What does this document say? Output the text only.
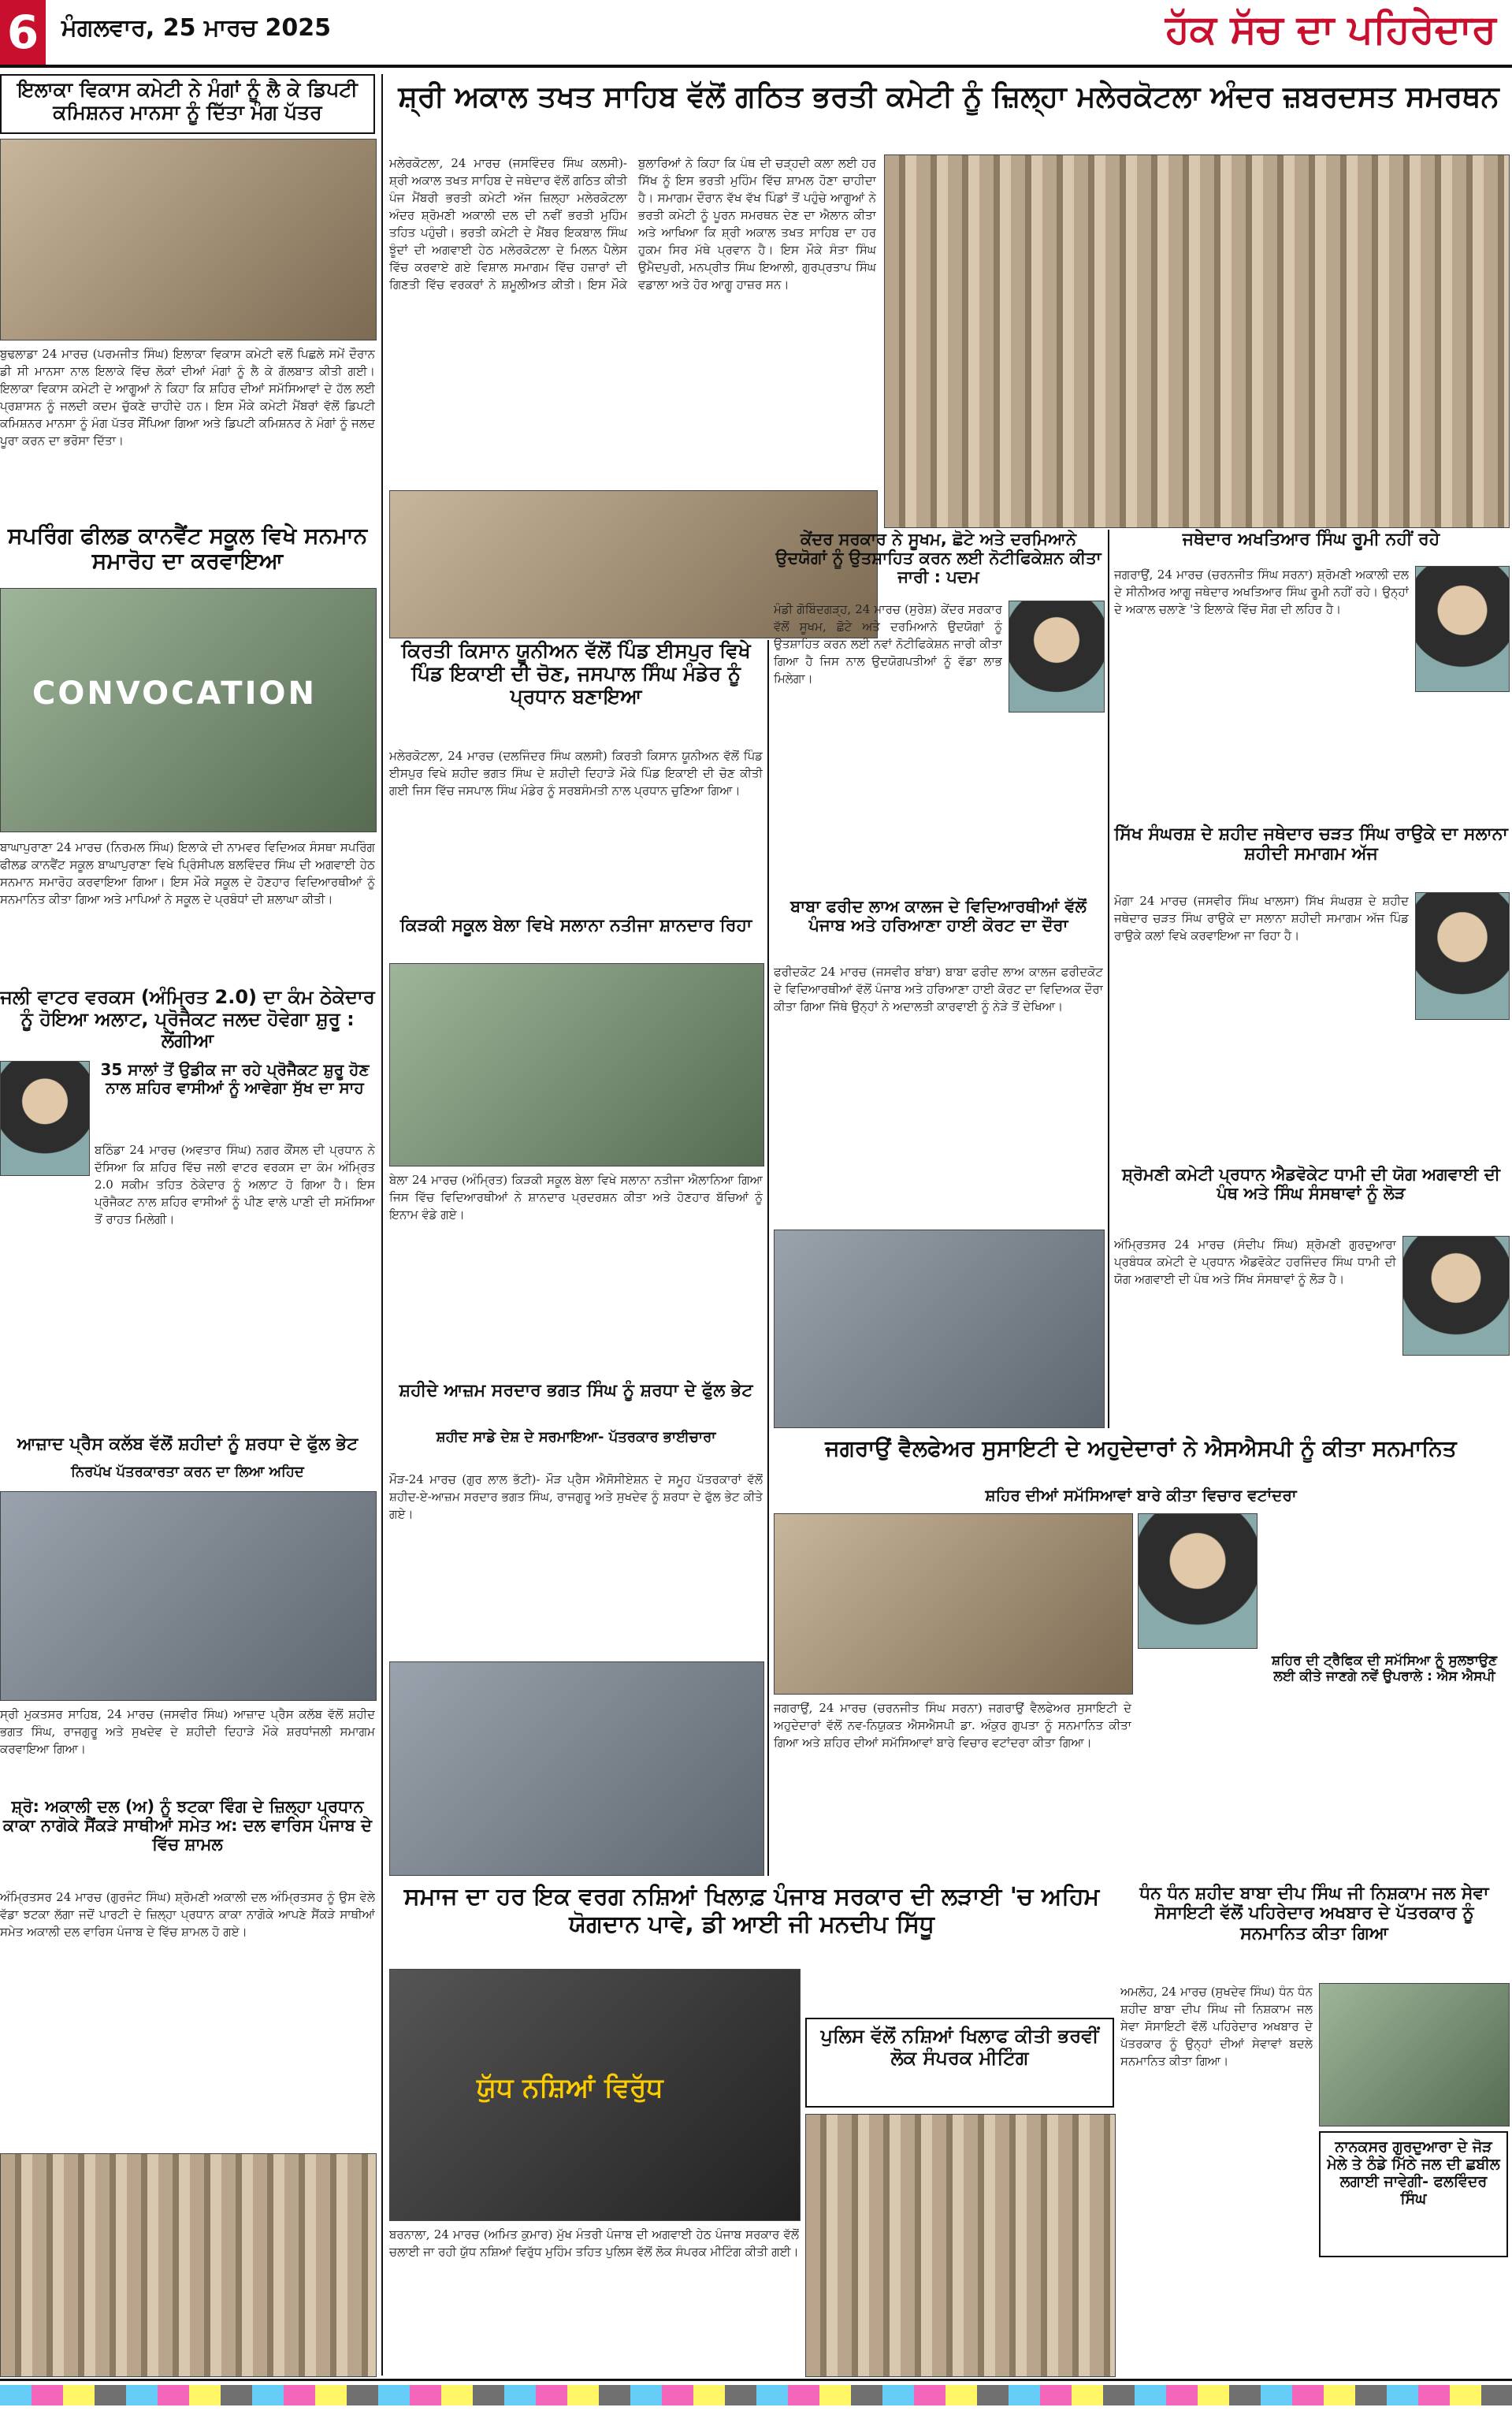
6 ਮੰਗਲਵਾਰ, 25 ਮਾਰਚ 2025	ਹੱਕ ਸੱਚ ਦਾ ਪਹਿਰੇਦਾਰ
ਇਲਾਕਾ ਵਿਕਾਸ ਕਮੇਟੀ ਨੇ ਮੰਗਾਂ ਨੂੰ ਲੈ ਕੇ ਡਿਪਟੀ ਕਮਿਸ਼ਨਰ ਮਾਨਸਾ ਨੂੰ ਦਿੱਤਾ ਮੰਗ ਪੱਤਰ
ਬੁਢਲਾਡਾ 24 ਮਾਰਚ (ਪਰਮਜੀਤ ਸਿੰਘ) ਇਲਾਕਾ ਵਿਕਾਸ ਕਮੇਟੀ ਵਲੋਂ ਪਿਛਲੇ ਸਮੇਂ ਦੌਰਾਨ ਡੀ ਸੀ ਮਾਨਸਾ ਨਾਲ ਇਲਾਕੇ ਵਿੱਚ ਲੋਕਾਂ ਦੀਆਂ ਮੰਗਾਂ ਨੂੰ ਲੈ ਕੇ ਗੱਲਬਾਤ ਕੀਤੀ ਗਈ। ਇਲਾਕਾ ਵਿਕਾਸ ਕਮੇਟੀ ਦੇ ਆਗੂਆਂ ਨੇ ਕਿਹਾ ਕਿ ਸ਼ਹਿਰ ਦੀਆਂ ਸਮੱਸਿਆਵਾਂ ਦੇ ਹੱਲ ਲਈ ਪ੍ਰਸ਼ਾਸਨ ਨੂੰ ਜਲਦੀ ਕਦਮ ਚੁੱਕਣੇ ਚਾਹੀਦੇ ਹਨ। ਇਸ ਮੌਕੇ ਕਮੇਟੀ ਮੈਂਬਰਾਂ ਵੱਲੋਂ ਡਿਪਟੀ ਕਮਿਸ਼ਨਰ ਮਾਨਸਾ ਨੂੰ ਮੰਗ ਪੱਤਰ ਸੌਂਪਿਆ ਗਿਆ ਅਤੇ ਡਿਪਟੀ ਕਮਿਸ਼ਨਰ ਨੇ ਮੰਗਾਂ ਨੂੰ ਜਲਦ ਪੂਰਾ ਕਰਨ ਦਾ ਭਰੋਸਾ ਦਿੱਤਾ।
ਸਪਰਿੰਗ ਫੀਲਡ ਕਾਨਵੈਂਟ ਸਕੂਲ ਵਿਖੇ ਸਨਮਾਨ ਸਮਾਰੋਹ ਦਾ ਕਰਵਾਇਆ
CONVOCATION
ਬਾਘਾਪੁਰਾਣਾ 24 ਮਾਰਚ (ਨਿਰਮਲ ਸਿੰਘ) ਇਲਾਕੇ ਦੀ ਨਾਮਵਰ ਵਿਦਿਅਕ ਸੰਸਥਾ ਸਪਰਿੰਗ ਫੀਲਡ ਕਾਨਵੈਂਟ ਸਕੂਲ ਬਾਘਾਪੁਰਾਣਾ ਵਿਖੇ ਪ੍ਰਿੰਸੀਪਲ ਬਲਵਿੰਦਰ ਸਿੰਘ ਦੀ ਅਗਵਾਈ ਹੇਠ ਸਨਮਾਨ ਸਮਾਰੋਹ ਕਰਵਾਇਆ ਗਿਆ। ਇਸ ਮੌਕੇ ਸਕੂਲ ਦੇ ਹੋਣਹਾਰ ਵਿਦਿਆਰਥੀਆਂ ਨੂੰ ਸਨਮਾਨਿਤ ਕੀਤਾ ਗਿਆ ਅਤੇ ਮਾਪਿਆਂ ਨੇ ਸਕੂਲ ਦੇ ਪ੍ਰਬੰਧਾਂ ਦੀ ਸ਼ਲਾਘਾ ਕੀਤੀ।
ਜਲੀ ਵਾਟਰ ਵਰਕਸ (ਅੰਮ੍ਰਿਤ 2.0) ਦਾ ਕੰਮ ਠੇਕੇਦਾਰ ਨੂੰ ਹੋਇਆ ਅਲਾਟ, ਪ੍ਰੋਜੈਕਟ ਜਲਦ ਹੋਵੇਗਾ ਸ਼ੁਰੂ : ਲੋਂਗੀਆ
35 ਸਾਲਾਂ ਤੋਂ ਉਡੀਕ ਜਾ ਰਹੇ ਪ੍ਰੋਜੈਕਟ ਸ਼ੁਰੂ ਹੋਣ ਨਾਲ ਸ਼ਹਿਰ ਵਾਸੀਆਂ ਨੂੰ ਆਵੇਗਾ ਸੁੱਖ ਦਾ ਸਾਹ
ਬਠਿੰਡਾ 24 ਮਾਰਚ (ਅਵਤਾਰ ਸਿੰਘ) ਨਗਰ ਕੌਂਸਲ ਦੀ ਪ੍ਰਧਾਨ ਨੇ ਦੱਸਿਆ ਕਿ ਸ਼ਹਿਰ ਵਿੱਚ ਜਲੀ ਵਾਟਰ ਵਰਕਸ ਦਾ ਕੰਮ ਅੰਮ੍ਰਿਤ 2.0 ਸਕੀਮ ਤਹਿਤ ਠੇਕੇਦਾਰ ਨੂੰ ਅਲਾਟ ਹੋ ਗਿਆ ਹੈ। ਇਸ ਪ੍ਰੋਜੈਕਟ ਨਾਲ ਸ਼ਹਿਰ ਵਾਸੀਆਂ ਨੂੰ ਪੀਣ ਵਾਲੇ ਪਾਣੀ ਦੀ ਸਮੱਸਿਆ ਤੋਂ ਰਾਹਤ ਮਿਲੇਗੀ।
ਆਜ਼ਾਦ ਪ੍ਰੈਸ ਕਲੱਬ ਵੱਲੋਂ ਸ਼ਹੀਦਾਂ ਨੂੰ ਸ਼ਰਧਾ ਦੇ ਫੁੱਲ ਭੇਟ
ਨਿਰਪੱਖ ਪੱਤਰਕਾਰਤਾ ਕਰਨ ਦਾ ਲਿਆ ਅਹਿਦ
ਸ੍ਰੀ ਮੁਕਤਸਰ ਸਾਹਿਬ, 24 ਮਾਰਚ (ਜਸਵੀਰ ਸਿੰਘ) ਆਜ਼ਾਦ ਪ੍ਰੈਸ ਕਲੱਬ ਵੱਲੋਂ ਸ਼ਹੀਦ ਭਗਤ ਸਿੰਘ, ਰਾਜਗੁਰੂ ਅਤੇ ਸੁਖਦੇਵ ਦੇ ਸ਼ਹੀਦੀ ਦਿਹਾੜੇ ਮੌਕੇ ਸ਼ਰਧਾਂਜਲੀ ਸਮਾਗਮ ਕਰਵਾਇਆ ਗਿਆ।
ਸ਼੍ਰੋ: ਅਕਾਲੀ ਦਲ (ਅ) ਨੂੰ ਝਟਕਾ ਵਿੰਗ ਦੇ ਜ਼ਿਲ੍ਹਾ ਪ੍ਰਧਾਨ ਕਾਕਾ ਨਾਗੋਕੇ ਸੈਂਕੜੇ ਸਾਥੀਆਂ ਸਮੇਤ ਅ: ਦਲ ਵਾਰਿਸ ਪੰਜਾਬ ਦੇ ਵਿੱਚ ਸ਼ਾਮਲ
ਅੰਮ੍ਰਿਤਸਰ 24 ਮਾਰਚ (ਗੁਰਜੰਟ ਸਿੰਘ) ਸ਼੍ਰੋਮਣੀ ਅਕਾਲੀ ਦਲ ਅੰਮ੍ਰਿਤਸਰ ਨੂੰ ਉਸ ਵੇਲੇ ਵੱਡਾ ਝਟਕਾ ਲੱਗਾ ਜਦੋਂ ਪਾਰਟੀ ਦੇ ਜ਼ਿਲ੍ਹਾ ਪ੍ਰਧਾਨ ਕਾਕਾ ਨਾਗੋਕੇ ਆਪਣੇ ਸੈਂਕੜੇ ਸਾਥੀਆਂ ਸਮੇਤ ਅਕਾਲੀ ਦਲ ਵਾਰਿਸ ਪੰਜਾਬ ਦੇ ਵਿੱਚ ਸ਼ਾਮਲ ਹੋ ਗਏ।
ਸ਼੍ਰੀ ਅਕਾਲ ਤਖਤ ਸਾਹਿਬ ਵੱਲੋਂ ਗਠਿਤ ਭਰਤੀ ਕਮੇਟੀ ਨੂੰ ਜ਼ਿਲ੍ਹਾ ਮਲੇਰਕੋਟਲਾ ਅੰਦਰ ਜ਼ਬਰਦਸਤ ਸਮਰਥਨ
ਮਲੇਰਕੋਟਲਾ, 24 ਮਾਰਚ (ਜਸਵਿੰਦਰ ਸਿੰਘ ਕਲਸੀ)- ਸ਼੍ਰੀ ਅਕਾਲ ਤਖਤ ਸਾਹਿਬ ਦੇ ਜਥੇਦਾਰ ਵੱਲੋਂ ਗਠਿਤ ਕੀਤੀ ਪੰਜ ਮੈਂਬਰੀ ਭਰਤੀ ਕਮੇਟੀ ਅੱਜ ਜ਼ਿਲ੍ਹਾ ਮਲੇਰਕੋਟਲਾ ਅੰਦਰ ਸ਼੍ਰੋਮਣੀ ਅਕਾਲੀ ਦਲ ਦੀ ਨਵੀਂ ਭਰਤੀ ਮੁਹਿੰਮ ਤਹਿਤ ਪਹੁੰਚੀ। ਭਰਤੀ ਕਮੇਟੀ ਦੇ ਮੈਂਬਰ ਇਕਬਾਲ ਸਿੰਘ ਝੂੰਦਾਂ ਦੀ ਅਗਵਾਈ ਹੇਠ ਮਲੇਰਕੋਟਲਾ ਦੇ ਮਿਲਨ ਪੈਲੇਸ ਵਿੱਚ ਕਰਵਾਏ ਗਏ ਵਿਸ਼ਾਲ ਸਮਾਗਮ ਵਿੱਚ ਹਜ਼ਾਰਾਂ ਦੀ ਗਿਣਤੀ ਵਿੱਚ ਵਰਕਰਾਂ ਨੇ ਸ਼ਮੂਲੀਅਤ ਕੀਤੀ। ਇਸ ਮੌਕੇ ਬੁਲਾਰਿਆਂ ਨੇ ਕਿਹਾ ਕਿ ਪੰਥ ਦੀ ਚੜ੍ਹਦੀ ਕਲਾ ਲਈ ਹਰ ਸਿੱਖ ਨੂੰ ਇਸ ਭਰਤੀ ਮੁਹਿੰਮ ਵਿੱਚ ਸ਼ਾਮਲ ਹੋਣਾ ਚਾਹੀਦਾ ਹੈ। ਸਮਾਗਮ ਦੌਰਾਨ ਵੱਖ ਵੱਖ ਪਿੰਡਾਂ ਤੋਂ ਪਹੁੰਚੇ ਆਗੂਆਂ ਨੇ ਭਰਤੀ ਕਮੇਟੀ ਨੂੰ ਪੂਰਨ ਸਮਰਥਨ ਦੇਣ ਦਾ ਐਲਾਨ ਕੀਤਾ ਅਤੇ ਆਖਿਆ ਕਿ ਸ਼੍ਰੀ ਅਕਾਲ ਤਖਤ ਸਾਹਿਬ ਦਾ ਹਰ ਹੁਕਮ ਸਿਰ ਮੱਥੇ ਪ੍ਰਵਾਨ ਹੈ। ਇਸ ਮੌਕੇ ਸੰਤਾ ਸਿੰਘ ਉਮੈਦਪੁਰੀ, ਮਨਪ੍ਰੀਤ ਸਿੰਘ ਇਆਲੀ, ਗੁਰਪ੍ਰਤਾਪ ਸਿੰਘ ਵਡਾਲਾ ਅਤੇ ਹੋਰ ਆਗੂ ਹਾਜ਼ਰ ਸਨ।
ਕਿਰਤੀ ਕਿਸਾਨ ਯੂਨੀਅਨ ਵੱਲੋਂ ਪਿੰਡ ਈਸਪੁਰ ਵਿਖੇ ਪਿੰਡ ਇਕਾਈ ਦੀ ਚੋਣ, ਜਸਪਾਲ ਸਿੰਘ ਮੰਡੇਰ ਨੂੰ ਪ੍ਰਧਾਨ ਬਣਾਇਆ
ਮਲੇਰਕੋਟਲਾ, 24 ਮਾਰਚ (ਦਲਜਿੰਦਰ ਸਿੰਘ ਕਲਸੀ) ਕਿਰਤੀ ਕਿਸਾਨ ਯੂਨੀਅਨ ਵੱਲੋਂ ਪਿੰਡ ਈਸਪੁਰ ਵਿਖੇ ਸ਼ਹੀਦ ਭਗਤ ਸਿੰਘ ਦੇ ਸ਼ਹੀਦੀ ਦਿਹਾੜੇ ਮੌਕੇ ਪਿੰਡ ਇਕਾਈ ਦੀ ਚੋਣ ਕੀਤੀ ਗਈ ਜਿਸ ਵਿੱਚ ਜਸਪਾਲ ਸਿੰਘ ਮੰਡੇਰ ਨੂੰ ਸਰਬਸੰਮਤੀ ਨਾਲ ਪ੍ਰਧਾਨ ਚੁਣਿਆ ਗਿਆ।
ਕਿੜਕੀ ਸਕੂਲ ਬੇਲਾ ਵਿਖੇ ਸਲਾਨਾ ਨਤੀਜਾ ਸ਼ਾਨਦਾਰ ਰਿਹਾ
ਬੇਲਾ 24 ਮਾਰਚ (ਅੰਮ੍ਰਿਤ) ਕਿੜਕੀ ਸਕੂਲ ਬੇਲਾ ਵਿਖੇ ਸਲਾਨਾ ਨਤੀਜਾ ਐਲਾਨਿਆ ਗਿਆ ਜਿਸ ਵਿੱਚ ਵਿਦਿਆਰਥੀਆਂ ਨੇ ਸ਼ਾਨਦਾਰ ਪ੍ਰਦਰਸ਼ਨ ਕੀਤਾ ਅਤੇ ਹੋਣਹਾਰ ਬੱਚਿਆਂ ਨੂੰ ਇਨਾਮ ਵੰਡੇ ਗਏ।
ਸ਼ਹੀਦੇ ਆਜ਼ਮ ਸਰਦਾਰ ਭਗਤ ਸਿੰਘ ਨੂੰ ਸ਼ਰਧਾ ਦੇ ਫੁੱਲ ਭੇਟ
ਸ਼ਹੀਦ ਸਾਡੇ ਦੇਸ਼ ਦੇ ਸਰਮਾਇਆ- ਪੱਤਰਕਾਰ ਭਾਈਚਾਰਾ
ਮੌੜ-24 ਮਾਰਚ (ਗੁਰ ਲਾਲ ਭੱਟੀ)- ਮੌੜ ਪ੍ਰੈਸ ਐਸੋਸੀਏਸ਼ਨ ਦੇ ਸਮੂਹ ਪੱਤਰਕਾਰਾਂ ਵੱਲੋਂ ਸ਼ਹੀਦ-ਏ-ਆਜ਼ਮ ਸਰਦਾਰ ਭਗਤ ਸਿੰਘ, ਰਾਜਗੁਰੂ ਅਤੇ ਸੁਖਦੇਵ ਨੂੰ ਸ਼ਰਧਾ ਦੇ ਫੁੱਲ ਭੇਟ ਕੀਤੇ ਗਏ।
ਸਮਾਜ ਦਾ ਹਰ ਇਕ ਵਰਗ ਨਸ਼ਿਆਂ ਖਿਲਾਫ਼ ਪੰਜਾਬ ਸਰਕਾਰ ਦੀ ਲੜਾਈ 'ਚ ਅਹਿਮ ਯੋਗਦਾਨ ਪਾਵੇ, ਡੀ ਆਈ ਜੀ ਮਨਦੀਪ ਸਿੱਧੂ
ਯੁੱਧ ਨਸ਼ਿਆਂ ਵਿਰੁੱਧ
ਬਰਨਾਲਾ, 24 ਮਾਰਚ (ਅਮਿਤ ਕੁਮਾਰ) ਮੁੱਖ ਮੰਤਰੀ ਪੰਜਾਬ ਦੀ ਅਗਵਾਈ ਹੇਠ ਪੰਜਾਬ ਸਰਕਾਰ ਵੱਲੋਂ ਚਲਾਈ ਜਾ ਰਹੀ ਯੁੱਧ ਨਸ਼ਿਆਂ ਵਿਰੁੱਧ ਮੁਹਿੰਮ ਤਹਿਤ ਪੁਲਿਸ ਵੱਲੋਂ ਲੋਕ ਸੰਪਰਕ ਮੀਟਿੰਗ ਕੀਤੀ ਗਈ।
ਪੁਲਿਸ ਵੱਲੋਂ ਨਸ਼ਿਆਂ ਖਿਲਾਫ ਕੀਤੀ ਭਰਵੀਂ ਲੋਕ ਸੰਪਰਕ ਮੀਟਿੰਗ
ਕੇਂਦਰ ਸਰਕਾਰ ਨੇ ਸੂਖਮ, ਛੋਟੇ ਅਤੇ ਦਰਮਿਆਨੇ ਉਦਯੋਗਾਂ ਨੂੰ ਉਤਸ਼ਾਹਿਤ ਕਰਨ ਲਈ ਨੋਟੀਫਿਕੇਸ਼ਨ ਕੀਤਾ ਜਾਰੀ : ਪਦਮ
ਮੰਡੀ ਗੋਬਿੰਦਗੜ੍ਹ, 24 ਮਾਰਚ (ਸੁਰੇਸ਼) ਕੇਂਦਰ ਸਰਕਾਰ ਵੱਲੋਂ ਸੂਖਮ, ਛੋਟੇ ਅਤੇ ਦਰਮਿਆਨੇ ਉਦਯੋਗਾਂ ਨੂੰ ਉਤਸ਼ਾਹਿਤ ਕਰਨ ਲਈ ਨਵਾਂ ਨੋਟੀਫਿਕੇਸ਼ਨ ਜਾਰੀ ਕੀਤਾ ਗਿਆ ਹੈ ਜਿਸ ਨਾਲ ਉਦਯੋਗਪਤੀਆਂ ਨੂੰ ਵੱਡਾ ਲਾਭ ਮਿਲੇਗਾ।
ਬਾਬਾ ਫਰੀਦ ਲਾਅ ਕਾਲਜ ਦੇ ਵਿਦਿਆਰਥੀਆਂ ਵੱਲੋਂ ਪੰਜਾਬ ਅਤੇ ਹਰਿਆਣਾ ਹਾਈ ਕੋਰਟ ਦਾ ਦੌਰਾ
ਫਰੀਦਕੋਟ 24 ਮਾਰਚ (ਜਸਵੀਰ ਬਾਂਬਾ) ਬਾਬਾ ਫਰੀਦ ਲਾਅ ਕਾਲਜ ਫਰੀਦਕੋਟ ਦੇ ਵਿਦਿਆਰਥੀਆਂ ਵੱਲੋਂ ਪੰਜਾਬ ਅਤੇ ਹਰਿਆਣਾ ਹਾਈ ਕੋਰਟ ਦਾ ਵਿਦਿਅਕ ਦੌਰਾ ਕੀਤਾ ਗਿਆ ਜਿੱਥੇ ਉਨ੍ਹਾਂ ਨੇ ਅਦਾਲਤੀ ਕਾਰਵਾਈ ਨੂੰ ਨੇੜੇ ਤੋਂ ਦੇਖਿਆ।
ਜਥੇਦਾਰ ਅਖਤਿਆਰ ਸਿੰਘ ਰੂਮੀ ਨਹੀਂ ਰਹੇ
ਜਗਰਾਉਂ, 24 ਮਾਰਚ (ਚਰਨਜੀਤ ਸਿੰਘ ਸਰਨਾ) ਸ਼੍ਰੋਮਣੀ ਅਕਾਲੀ ਦਲ ਦੇ ਸੀਨੀਅਰ ਆਗੂ ਜਥੇਦਾਰ ਅਖਤਿਆਰ ਸਿੰਘ ਰੂਮੀ ਨਹੀਂ ਰਹੇ। ਉਨ੍ਹਾਂ ਦੇ ਅਕਾਲ ਚਲਾਣੇ 'ਤੇ ਇਲਾਕੇ ਵਿੱਚ ਸੋਗ ਦੀ ਲਹਿਰ ਹੈ।
ਸਿੱਖ ਸੰਘਰਸ਼ ਦੇ ਸ਼ਹੀਦ ਜਥੇਦਾਰ ਚੜਤ ਸਿੰਘ ਰਾਉਕੇ ਦਾ ਸਲਾਨਾ ਸ਼ਹੀਦੀ ਸਮਾਗਮ ਅੱਜ
ਮੋਗਾ 24 ਮਾਰਚ (ਜਸਵੀਰ ਸਿੰਘ ਖਾਲਸਾ) ਸਿੱਖ ਸੰਘਰਸ਼ ਦੇ ਸ਼ਹੀਦ ਜਥੇਦਾਰ ਚੜਤ ਸਿੰਘ ਰਾਉਕੇ ਦਾ ਸਲਾਨਾ ਸ਼ਹੀਦੀ ਸਮਾਗਮ ਅੱਜ ਪਿੰਡ ਰਾਉਕੇ ਕਲਾਂ ਵਿਖੇ ਕਰਵਾਇਆ ਜਾ ਰਿਹਾ ਹੈ।
ਸ਼੍ਰੋਮਣੀ ਕਮੇਟੀ ਪ੍ਰਧਾਨ ਐਡਵੋਕੇਟ ਧਾਮੀ ਦੀ ਯੋਗ ਅਗਵਾਈ ਦੀ ਪੰਥ ਅਤੇ ਸਿੰਘ ਸੰਸਥਾਵਾਂ ਨੂੰ ਲੋੜ
ਅੰਮ੍ਰਿਤਸਰ 24 ਮਾਰਚ (ਸੰਦੀਪ ਸਿੰਘ) ਸ਼੍ਰੋਮਣੀ ਗੁਰਦੁਆਰਾ ਪ੍ਰਬੰਧਕ ਕਮੇਟੀ ਦੇ ਪ੍ਰਧਾਨ ਐਡਵੋਕੇਟ ਹਰਜਿੰਦਰ ਸਿੰਘ ਧਾਮੀ ਦੀ ਯੋਗ ਅਗਵਾਈ ਦੀ ਪੰਥ ਅਤੇ ਸਿੱਖ ਸੰਸਥਾਵਾਂ ਨੂੰ ਲੋੜ ਹੈ।
ਜਗਰਾਉਂ ਵੈਲਫੇਅਰ ਸੁਸਾਇਟੀ ਦੇ ਅਹੁਦੇਦਾਰਾਂ ਨੇ ਐਸਐਸਪੀ ਨੂੰ ਕੀਤਾ ਸਨਮਾਨਿਤ
ਸ਼ਹਿਰ ਦੀਆਂ ਸਮੱਸਿਆਵਾਂ ਬਾਰੇ ਕੀਤਾ ਵਿਚਾਰ ਵਟਾਂਦਰਾ
ਜਗਰਾਉਂ, 24 ਮਾਰਚ (ਚਰਨਜੀਤ ਸਿੰਘ ਸਰਨਾ) ਜਗਰਾਉਂ ਵੈਲਫੇਅਰ ਸੁਸਾਇਟੀ ਦੇ ਅਹੁਦੇਦਾਰਾਂ ਵੱਲੋਂ ਨਵ-ਨਿਯੁਕਤ ਐਸਐਸਪੀ ਡਾ. ਅੰਕੁਰ ਗੁਪਤਾ ਨੂੰ ਸਨਮਾਨਿਤ ਕੀਤਾ ਗਿਆ ਅਤੇ ਸ਼ਹਿਰ ਦੀਆਂ ਸਮੱਸਿਆਵਾਂ ਬਾਰੇ ਵਿਚਾਰ ਵਟਾਂਦਰਾ ਕੀਤਾ ਗਿਆ।
ਸ਼ਹਿਰ ਦੀ ਟ੍ਰੈਫਿਕ ਦੀ ਸਮੱਸਿਆ ਨੂੰ ਸੁਲਝਾਉਣ ਲਈ ਕੀਤੇ ਜਾਣਗੇ ਨਵੇਂ ਉਪਰਾਲੇ : ਐਸ ਐਸਪੀ
ਧੰਨ ਧੰਨ ਸ਼ਹੀਦ ਬਾਬਾ ਦੀਪ ਸਿੰਘ ਜੀ ਨਿਸ਼ਕਾਮ ਜਲ ਸੇਵਾ ਸੋਸਾਇਟੀ ਵੱਲੋਂ ਪਹਿਰੇਦਾਰ ਅਖਬਾਰ ਦੇ ਪੱਤਰਕਾਰ ਨੂੰ ਸਨਮਾਨਿਤ ਕੀਤਾ ਗਿਆ
ਅਮਲੋਹ, 24 ਮਾਰਚ (ਸੁਖਦੇਵ ਸਿੰਘ) ਧੰਨ ਧੰਨ ਸ਼ਹੀਦ ਬਾਬਾ ਦੀਪ ਸਿੰਘ ਜੀ ਨਿਸ਼ਕਾਮ ਜਲ ਸੇਵਾ ਸੋਸਾਇਟੀ ਵੱਲੋਂ ਪਹਿਰੇਦਾਰ ਅਖਬਾਰ ਦੇ ਪੱਤਰਕਾਰ ਨੂੰ ਉਨ੍ਹਾਂ ਦੀਆਂ ਸੇਵਾਵਾਂ ਬਦਲੇ ਸਨਮਾਨਿਤ ਕੀਤਾ ਗਿਆ।
ਨਾਨਕਸਰ ਗੁਰਦੁਆਰਾ ਦੇ ਜੋੜ ਮੇਲੇ ਤੇ ਠੰਡੇ ਮਿੱਠੇ ਜਲ ਦੀ ਛਬੀਲ ਲਗਾਈ ਜਾਵੇਗੀ- ਫਲਵਿੰਦਰ ਸਿੰਘ
